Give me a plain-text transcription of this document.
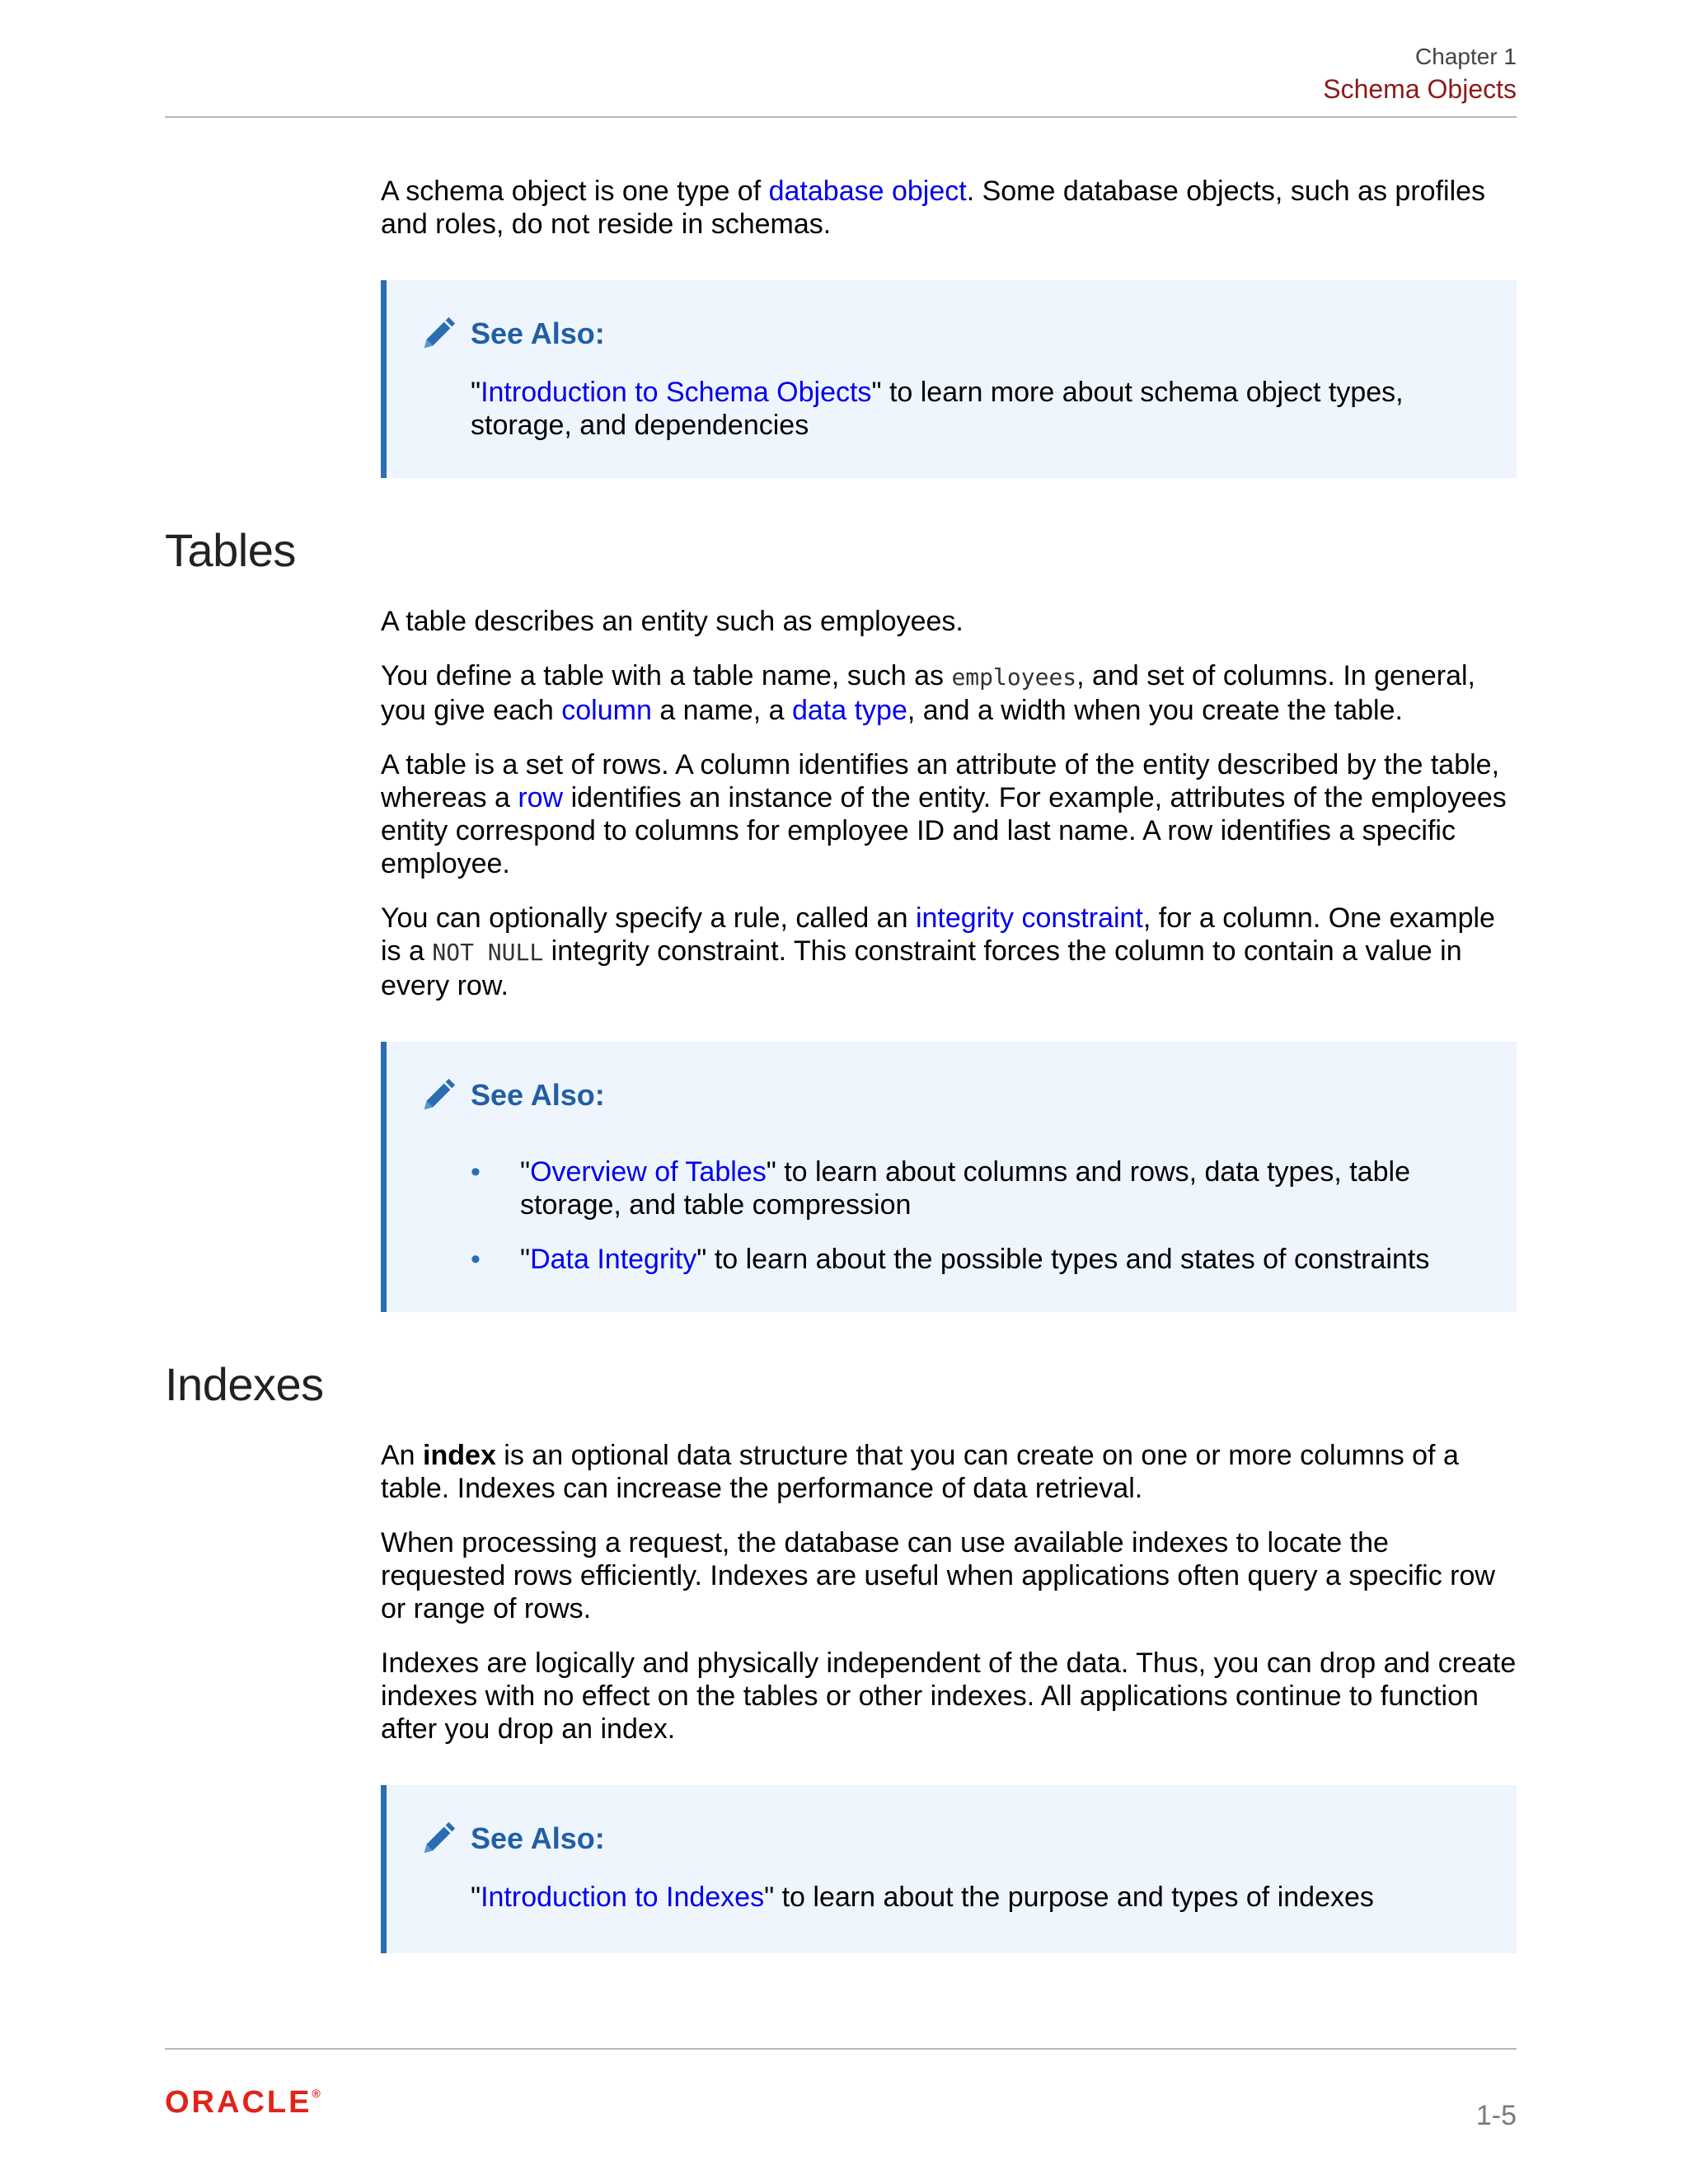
Chapter 1
Schema Objects

A schema object is one type of database object. Some database objects, such as profiles and roles, do not reside in schemas.

See Also:
"Introduction to Schema Objects" to learn more about schema object types, storage, and dependencies
Tables

A table describes an entity such as employees.

You define a table with a table name, such as employees, and set of columns. In general, you give each column a name, a data type, and a width when you create the table.

A table is a set of rows. A column identifies an attribute of the entity described by the table, whereas a row identifies an instance of the entity. For example, attributes of the employees entity correspond to columns for employee ID and last name. A row identifies a specific employee.

You can optionally specify a rule, called an integrity constraint, for a column. One example is a NOT NULL integrity constraint. This constraint forces the column to contain a value in every row.

See Also:
• "Overview of Tables" to learn about columns and rows, data types, table storage, and table compression
• "Data Integrity" to learn about the possible types and states of constraints
Indexes

An index is an optional data structure that you can create on one or more columns of a table. Indexes can increase the performance of data retrieval.

When processing a request, the database can use available indexes to locate the requested rows efficiently. Indexes are useful when applications often query a specific row or range of rows.

Indexes are logically and physically independent of the data. Thus, you can drop and create indexes with no effect on the tables or other indexes. All applications continue to function after you drop an index.

See Also:
"Introduction to Indexes" to learn about the purpose and types of indexes
ORACLE®
1-5
